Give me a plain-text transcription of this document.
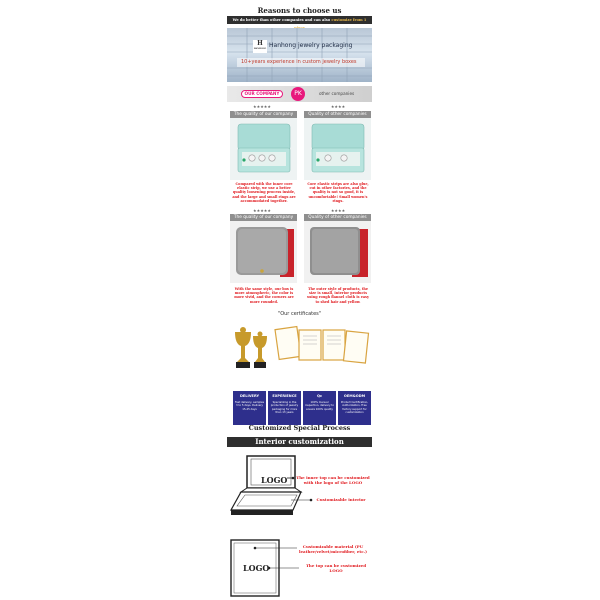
Reasons to choose us
We do better than other companies and can also customize from 1
H
HANHONG Hanhong jewelry packaging
10+years experience in custom jewelry boxes
OUR COMPANY	PK	other companies
★★★★★	★★★★
The quality of our company	Quality of other companies
Compared with the inner core elastic strip, we use a better quality loosening process inside, and the large and small rings are accommodated together.
Core elastic strips are also glue, cut in other factories, and the quality is not so good, it is uncomfortable! Small women's rings.
★★★★★	★★★★
The quality of our company	Quality of other companies
With the same style, our box is more atmospheric, the color is more vivid, and the corners are more rounded.
The outer style of products, the size is small, interior products using rough flannel cloth is easy to shed hair and yellow.
"Our certificates"
DELIVERY
Fast delivery, samples 3 to 5 days. Delivery 15-25 days
EXPERIENCE
Specializing in the production of jewelry packaging for more than 13 years
Qc
100% manual inspection, delivery to ensure 100% quality
OEM&ODM
Product Certification, Authorization, Free factory support for customization
Customized Special Process
Interior customization
LOGO	The inner top can be customized with the logo of the LOGO
Customizable interior
LOGO
Customizable material (PU leather/velvet/microfiber, etc.)
The top can be customized LOGO
